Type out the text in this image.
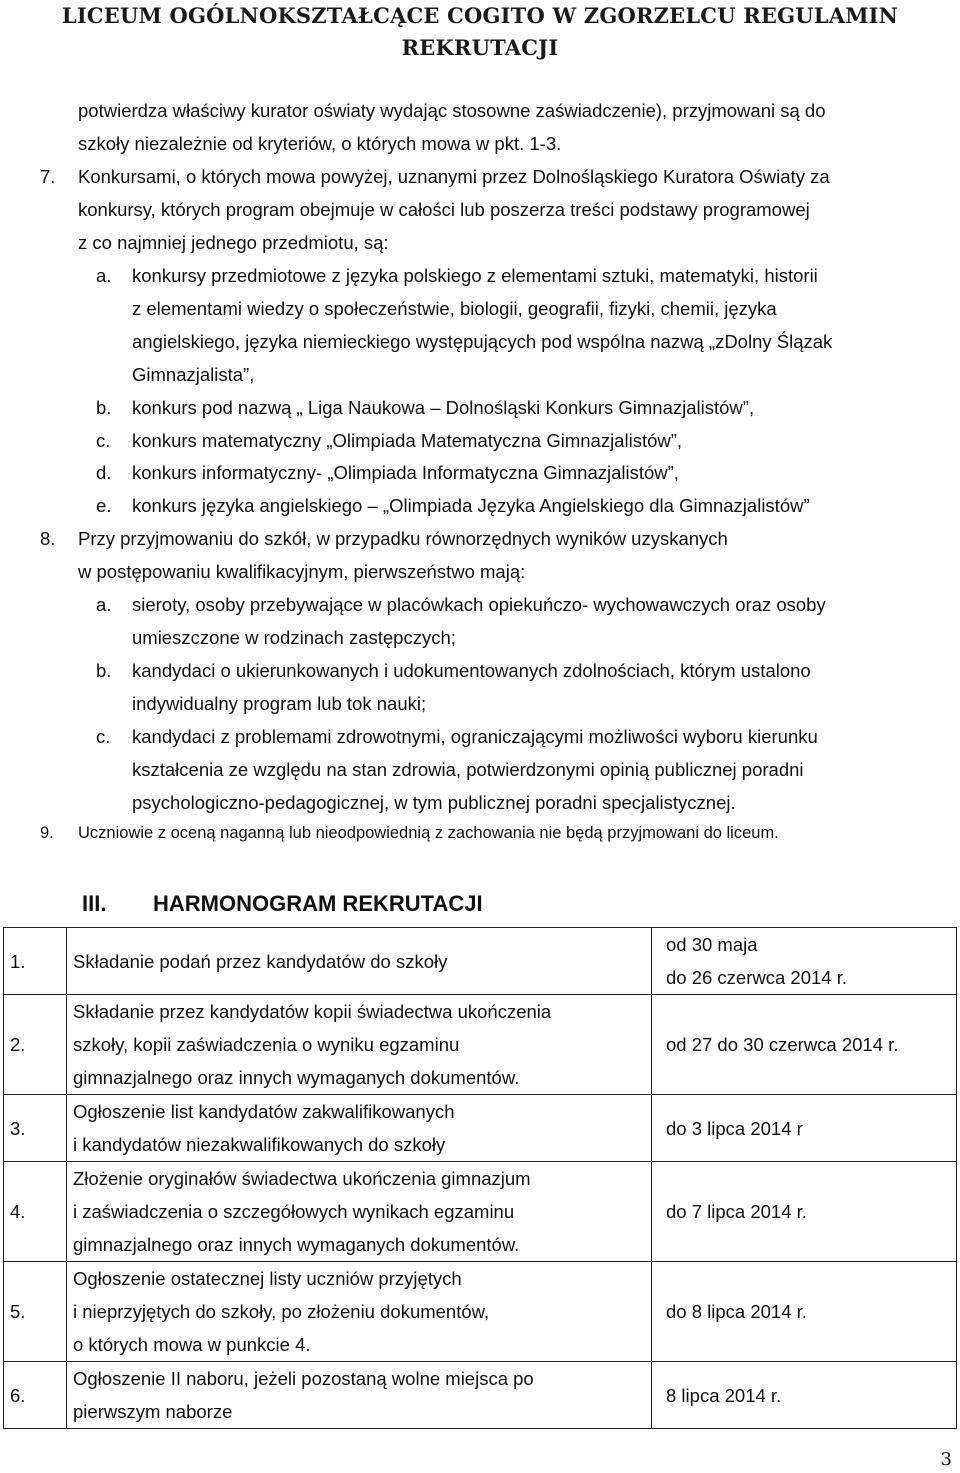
LICEUM OGÓLNOKSZTAŁCĄCE COGITO W ZGORZELCU REGULAMIN
REKRUTACJI
potwierdza właściwy kurator oświaty wydając stosowne zaświadczenie), przyjmowani są do
szkoły niezależnie od kryteriów, o których mowa w pkt. 1-3.
7. Konkursami, o których mowa powyżej, uznanymi przez Dolnośląskiego Kuratora Oświaty za
konkursy, których program obejmuje w całości lub poszerza treści podstawy programowej
z co najmniej jednego przedmiotu, są:
a. konkursy przedmiotowe z języka polskiego z elementami sztuki, matematyki, historii
z elementami wiedzy o społeczeństwie, biologii, geografii, fizyki, chemii, języka
angielskiego, języka niemieckiego występujących pod wspólna nazwą „zDolny Ślązak
Gimnazjalista”,
b. konkurs pod nazwą „ Liga Naukowa – Dolnośląski Konkurs Gimnazjalistów”,
c. konkurs matematyczny „Olimpiada Matematyczna Gimnazjalistów”,
d. konkurs informatyczny- „Olimpiada Informatyczna Gimnazjalistów”,
e. konkurs języka angielskiego – „Olimpiada Języka Angielskiego dla Gimnazjalistów”
8. Przy przyjmowaniu do szkół, w przypadku równorzędnych wyników uzyskanych
w postępowaniu kwalifikacyjnym, pierwszeństwo mają:
a. sieroty, osoby przebywające w placówkach opiekuńczo- wychowawczych oraz osoby
umieszczone w rodzinach zastępczych;
b. kandydaci o ukierunkowanych i udokumentowanych zdolnościach, którym ustalono
indywidualny program lub tok nauki;
c. kandydaci z problemami zdrowotnymi, ograniczającymi możliwości wyboru kierunku
kształcenia ze względu na stan zdrowia, potwierdzonymi opinią publicznej poradni
psychologiczno-pedagogicznej, w tym publicznej poradni specjalistycznej.
9. Uczniowie z oceną naganną lub nieodpowiednią z zachowania nie będą przyjmowani do liceum.
III. HARMONOGRAM REKRUTACJI
1.	Składanie podań przez kandydatów do szkoły	od 30 maja
do 26 czerwca 2014 r.

2.	Składanie przez kandydatów kopii świadectwa ukończenia
szkoły, kopii zaświadczenia o wyniku egzaminu
gimnazjalnego oraz innych wymaganych dokumentów.	od 27 do 30 czerwca 2014 r.

3.	Ogłoszenie list kandydatów zakwalifikowanych
i kandydatów niezakwalifikowanych do szkoły	do 3 lipca 2014 r

4.	Złożenie oryginałów świadectwa ukończenia gimnazjum
i zaświadczenia o szczegółowych wynikach egzaminu
gimnazjalnego oraz innych wymaganych dokumentów.	do 7 lipca 2014 r.

5.	Ogłoszenie ostatecznej listy uczniów przyjętych
i nieprzyjętych do szkoły, po złożeniu dokumentów,
o których mowa w punkcie 4.	do 8 lipca 2014 r.

6.	Ogłoszenie II naboru, jeżeli pozostaną wolne miejsca po
pierwszym naborze	8 lipca 2014 r.
3
